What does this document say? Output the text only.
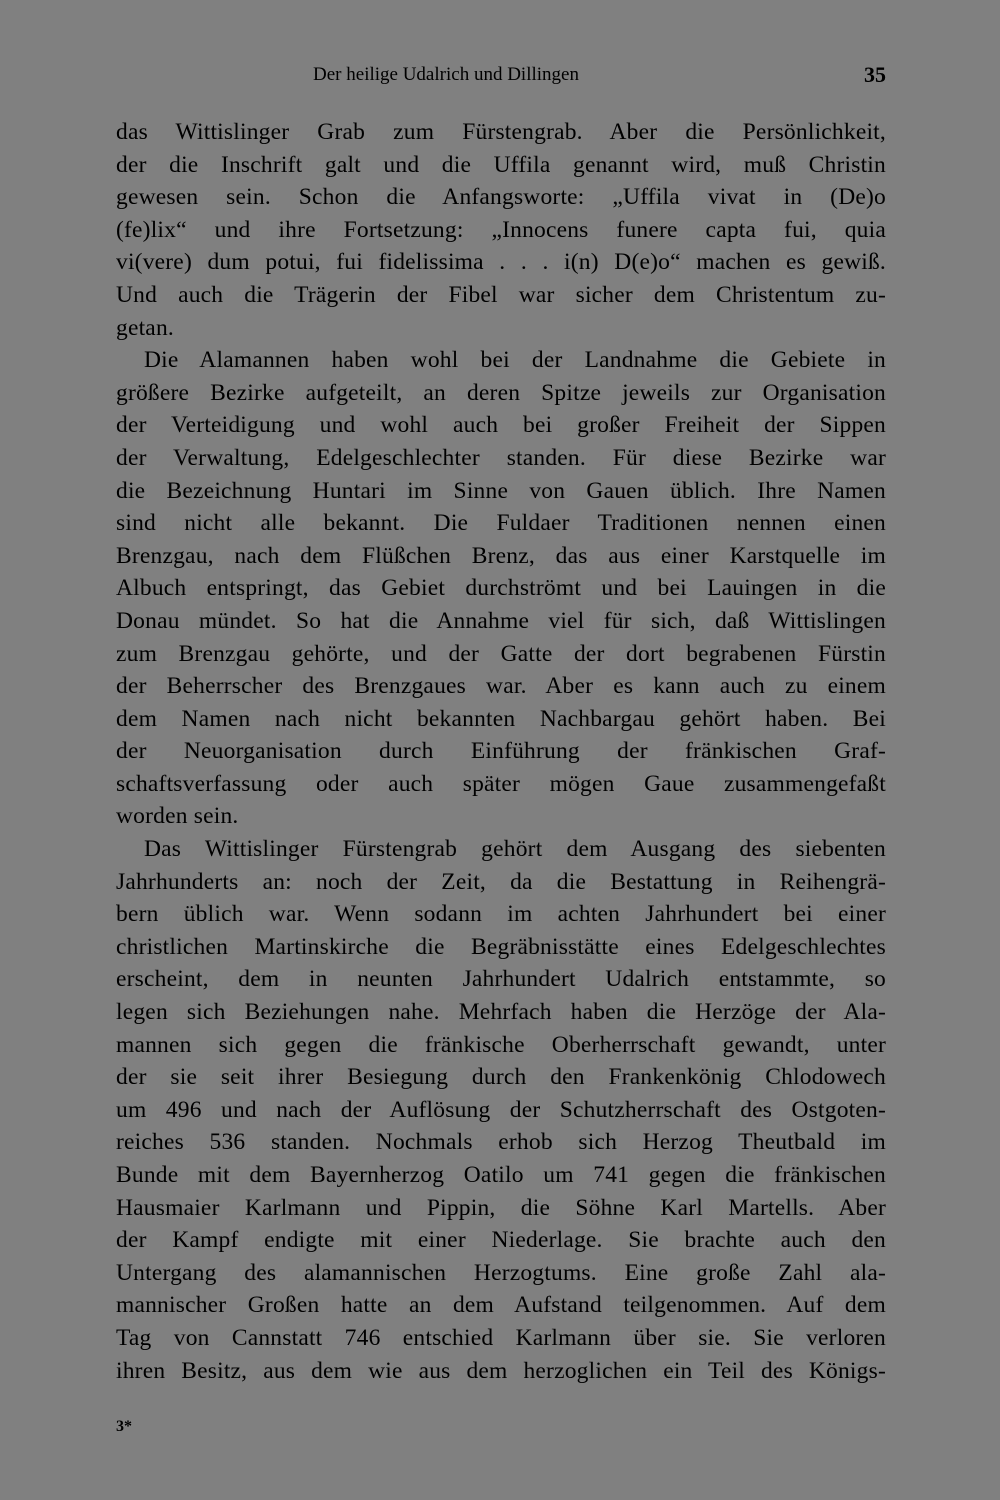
Der heilige Udalrich und Dillingen	35
das Wittislinger Grab zum Fürstengrab. Aber die Persönlichkeit,
der die Inschrift galt und die Uffila genannt wird, muß Christin
gewesen sein. Schon die Anfangsworte: „Uffila vivat in (De)o
(fe)lix“ und ihre Fortsetzung: „Innocens funere capta fui, quia
vi(vere) dum potui, fui fidelissima . . . i(n) D(e)o“ machen es gewiß.
Und auch die Trägerin der Fibel war sicher dem Christentum zu-
getan.
Die Alamannen haben wohl bei der Landnahme die Gebiete in
größere Bezirke aufgeteilt, an deren Spitze jeweils zur Organisation
der Verteidigung und wohl auch bei großer Freiheit der Sippen
der Verwaltung, Edelgeschlechter standen. Für diese Bezirke war
die Bezeichnung Huntari im Sinne von Gauen üblich. Ihre Namen
sind nicht alle bekannt. Die Fuldaer Traditionen nennen einen
Brenzgau, nach dem Flüßchen Brenz, das aus einer Karstquelle im
Albuch entspringt, das Gebiet durchströmt und bei Lauingen in die
Donau mündet. So hat die Annahme viel für sich, daß Wittislingen
zum Brenzgau gehörte, und der Gatte der dort begrabenen Fürstin
der Beherrscher des Brenzgaues war. Aber es kann auch zu einem
dem Namen nach nicht bekannten Nachbargau gehört haben. Bei
der Neuorganisation durch Einführung der fränkischen Graf-
schaftsverfassung oder auch später mögen Gaue zusammengefaßt
worden sein.
Das Wittislinger Fürstengrab gehört dem Ausgang des siebenten
Jahrhunderts an: noch der Zeit, da die Bestattung in Reihengrä-
bern üblich war. Wenn sodann im achten Jahrhundert bei einer
christlichen Martinskirche die Begräbnisstätte eines Edelgeschlechtes
erscheint, dem in neunten Jahrhundert Udalrich entstammte, so
legen sich Beziehungen nahe. Mehrfach haben die Herzöge der Ala-
mannen sich gegen die fränkische Oberherrschaft gewandt, unter
der sie seit ihrer Besiegung durch den Frankenkönig Chlodowech
um 496 und nach der Auflösung der Schutzherrschaft des Ostgoten-
reiches 536 standen. Nochmals erhob sich Herzog Theutbald im
Bunde mit dem Bayernherzog Oatilo um 741 gegen die fränkischen
Hausmaier Karlmann und Pippin, die Söhne Karl Martells. Aber
der Kampf endigte mit einer Niederlage. Sie brachte auch den
Untergang des alamannischen Herzogtums. Eine große Zahl ala-
mannischer Großen hatte an dem Aufstand teilgenommen. Auf dem
Tag von Cannstatt 746 entschied Karlmann über sie. Sie verloren
ihren Besitz, aus dem wie aus dem herzoglichen ein Teil des Königs-
3*
